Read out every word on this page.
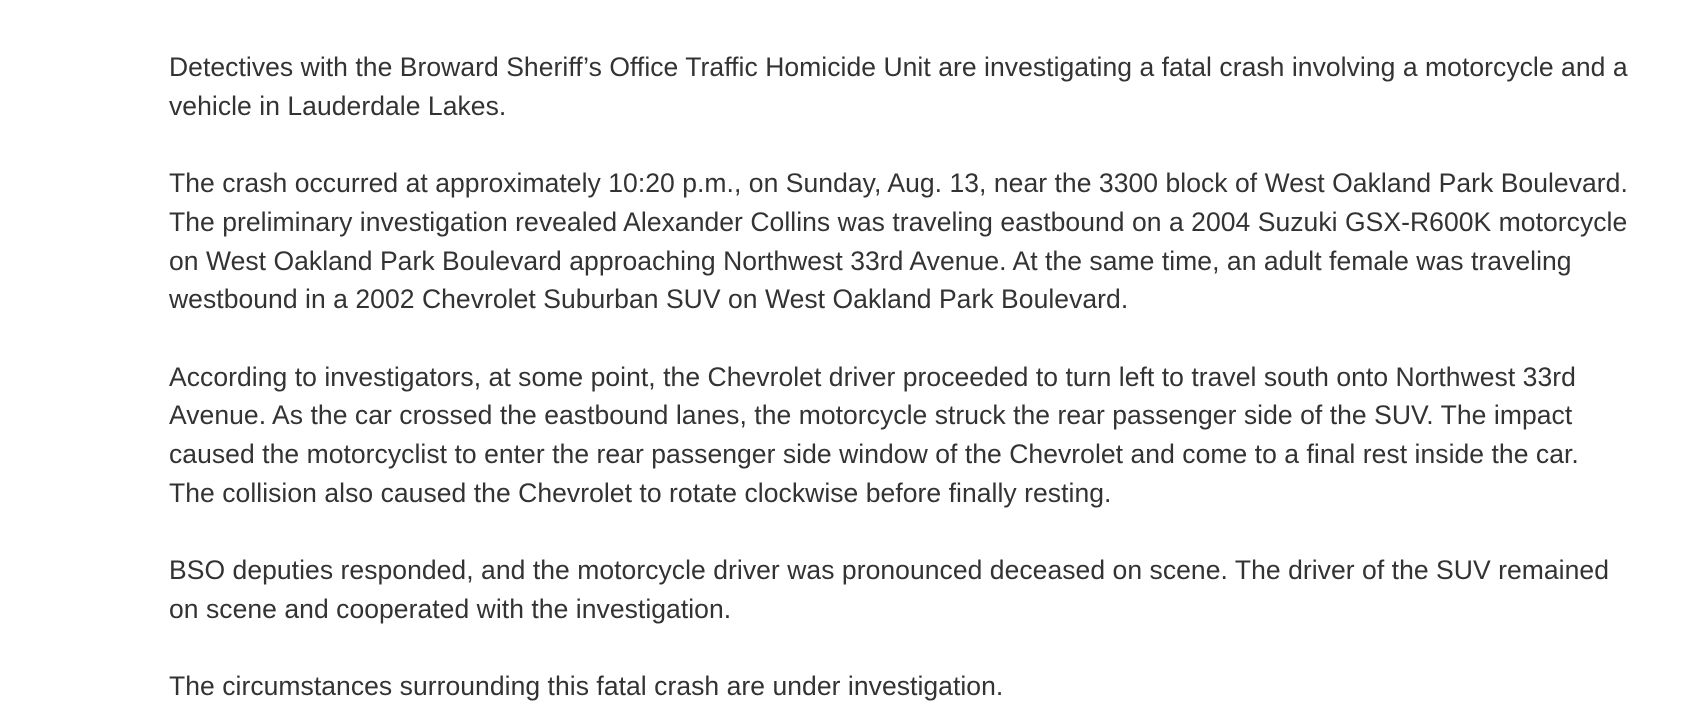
Detectives with the Broward Sheriff’s Office Traffic Homicide Unit are investigating a fatal crash involving a motorcycle and a vehicle in Lauderdale Lakes.

The crash occurred at approximately 10:20 p.m., on Sunday, Aug. 13, near the 3300 block of West Oakland Park Boulevard. The preliminary investigation revealed Alexander Collins was traveling eastbound on a 2004 Suzuki GSX-R600K motorcycle on West Oakland Park Boulevard approaching Northwest 33rd Avenue. At the same time, an adult female was traveling westbound in a 2002 Chevrolet Suburban SUV on West Oakland Park Boulevard.

According to investigators, at some point, the Chevrolet driver proceeded to turn left to travel south onto Northwest 33rd Avenue. As the car crossed the eastbound lanes, the motorcycle struck the rear passenger side of the SUV. The impact caused the motorcyclist to enter the rear passenger side window of the Chevrolet and come to a final rest inside the car. The collision also caused the Chevrolet to rotate clockwise before finally resting.

BSO deputies responded, and the motorcycle driver was pronounced deceased on scene. The driver of the SUV remained on scene and cooperated with the investigation.

The circumstances surrounding this fatal crash are under investigation.
